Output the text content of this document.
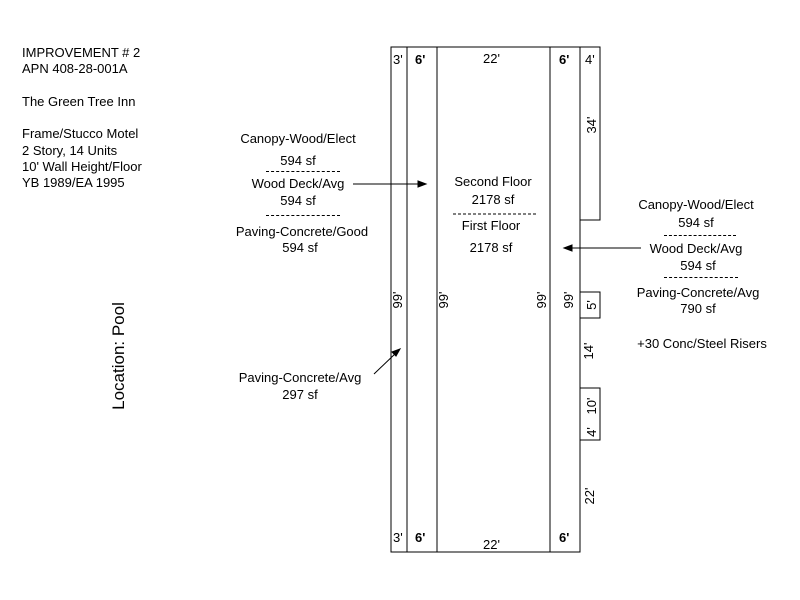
IMPROVEMENT # 2

APN 408-28-001A

The Green Tree Inn

Frame/Stucco Motel

2 Story, 14 Units

10' Wall Height/Floor

YB 1989/EA 1995

Location: Pool

Canopy-Wood/Elect

594 sf

Wood Deck/Avg

594 sf

Paving-Concrete/Good

594 sf

Paving-Concrete/Avg

297 sf

Second Floor

2178 sf

First Floor

2178 sf

Canopy-Wood/Elect

594 sf

Wood Deck/Avg

594 sf

Paving-Concrete/Avg

790 sf

+30 Conc/Steel Risers

3' 6'	22'	6' 4'
3' 6'	22'	6'
34'
99' 99'	99' 99' 5'
14'
10'
4'
22'
